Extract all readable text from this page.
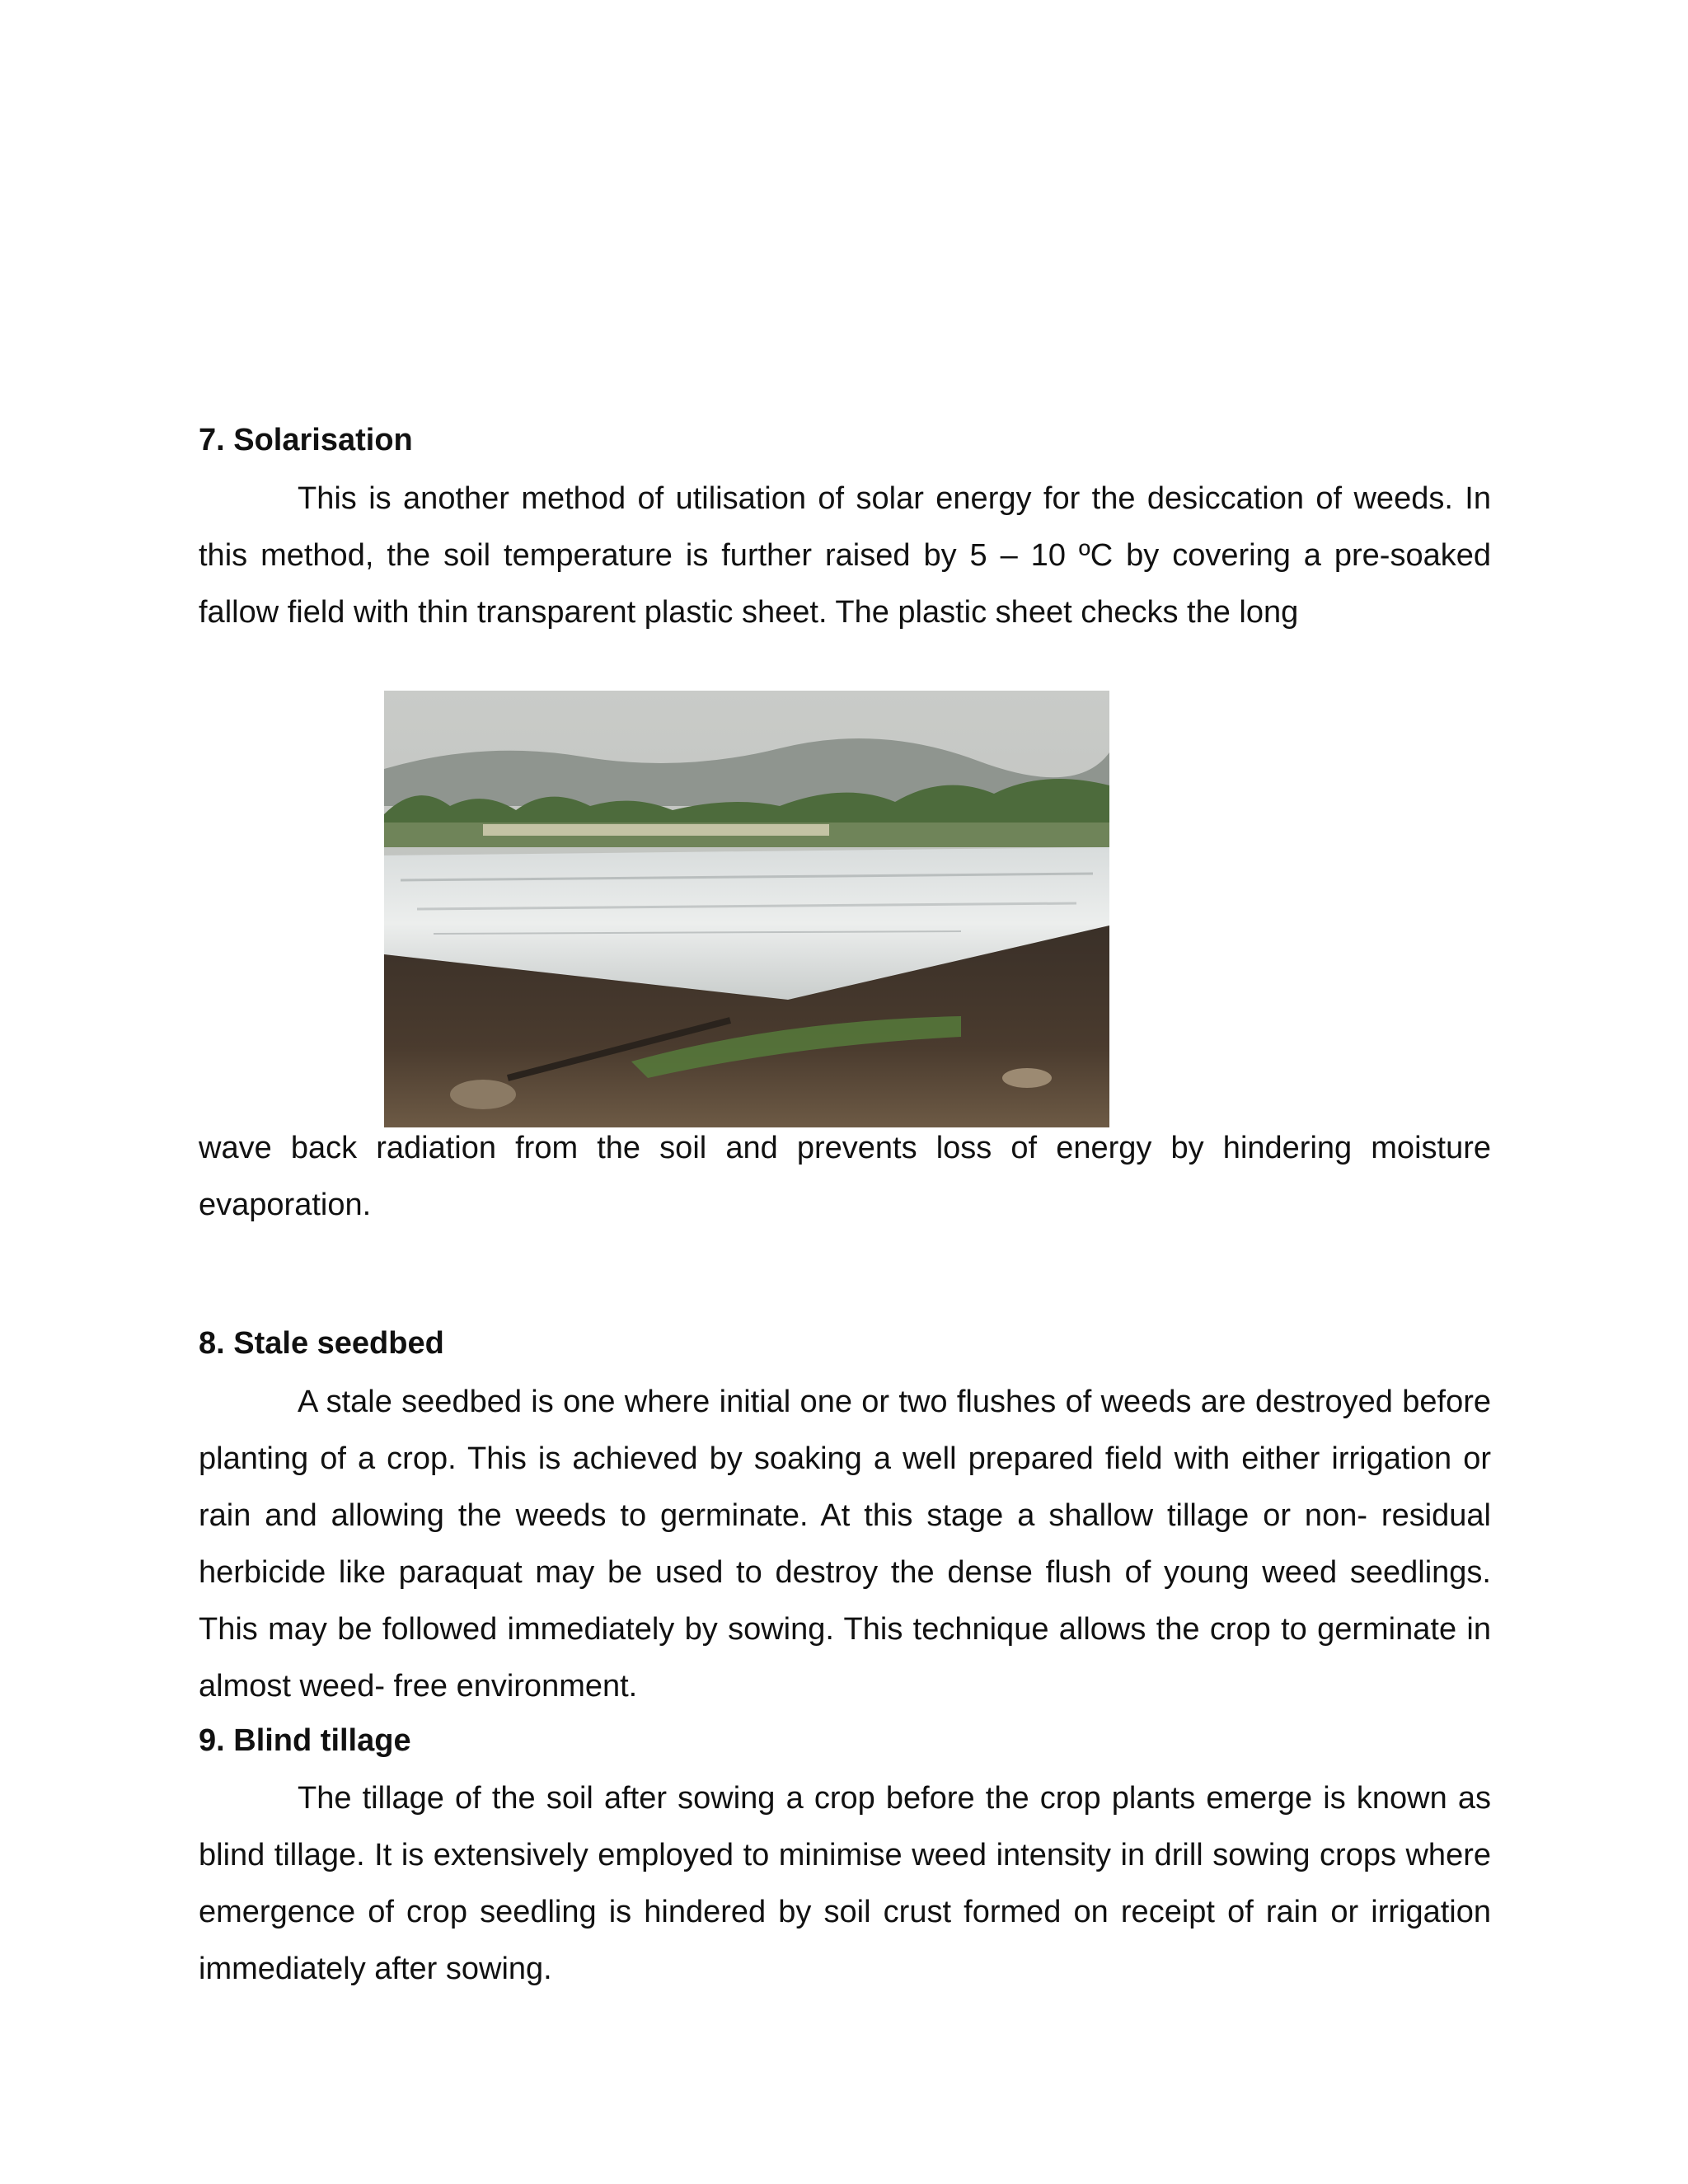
7. Solarisation

This is another method of utilisation of solar energy for the desiccation of weeds. In this method, the soil temperature is further raised by 5 – 10 ºC by covering a pre-soaked fallow field with thin transparent plastic sheet. The plastic sheet checks the long

wave back radiation from the soil and prevents loss of energy by hindering moisture evaporation.

8. Stale seedbed

A stale seedbed is one where initial one or two flushes of weeds are destroyed before planting of a crop. This is achieved by soaking a well prepared field with either irrigation or rain and allowing the weeds to germinate. At this stage a shallow tillage or non- residual herbicide like paraquat may be used to destroy the dense flush of young weed seedlings. This may be followed immediately by sowing. This technique allows the crop to germinate in almost weed- free environment.

9. Blind tillage

The tillage of the soil after sowing a crop before the crop plants emerge is known as blind tillage. It is extensively employed to minimise weed intensity in drill sowing crops where emergence of crop seedling is hindered by soil crust formed on receipt of rain or irrigation immediately after sowing.
